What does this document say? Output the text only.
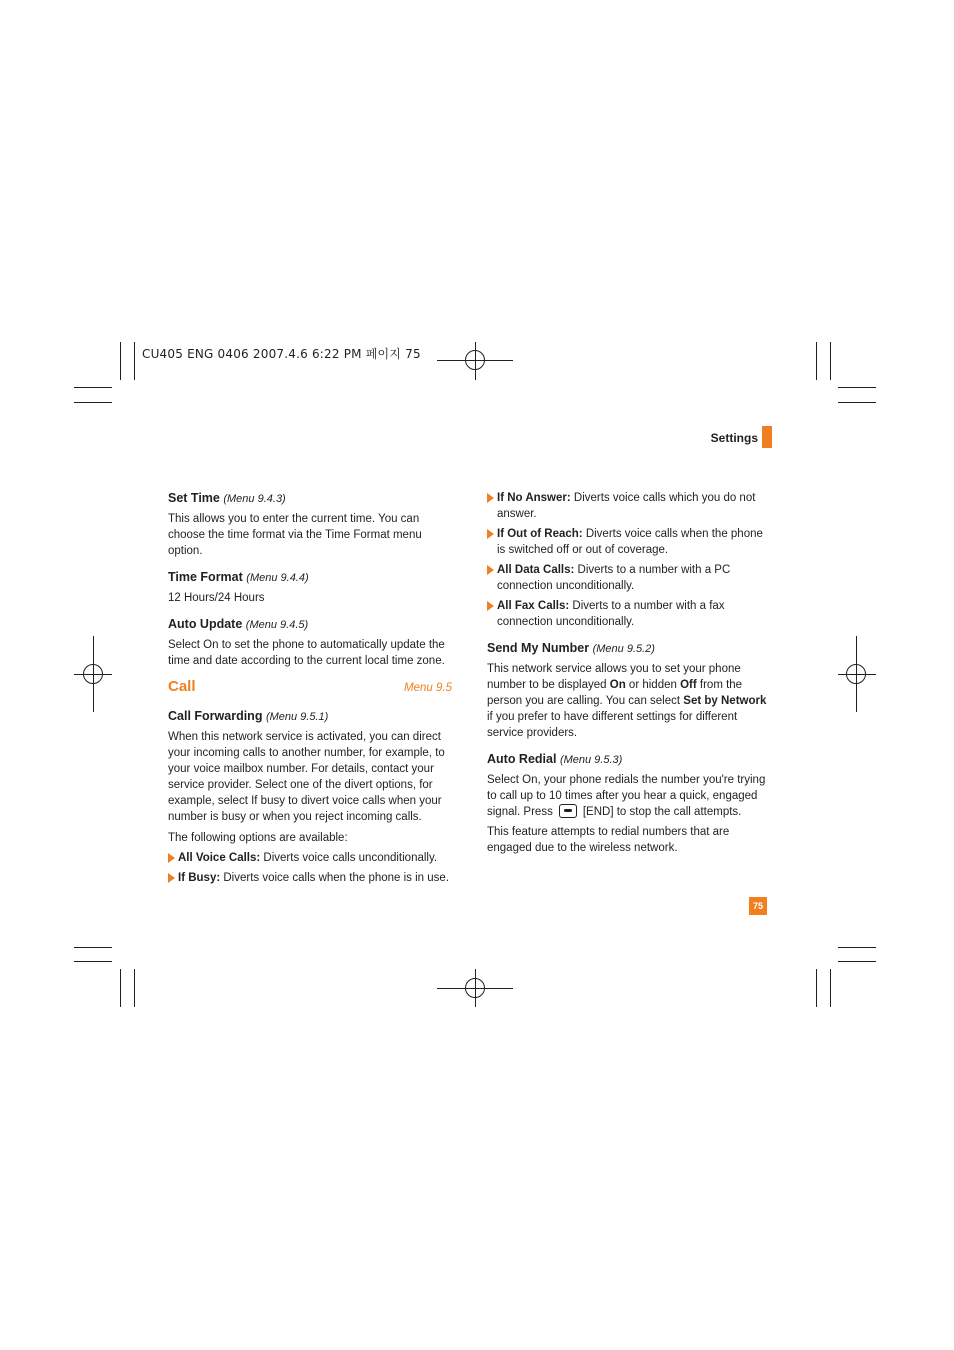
CU405 ENG 0406 2007.4.6 6:22 PM 페이지 75
Settings

Set Time (Menu 9.4.3)

This allows you to enter the current time. You can choose the time format via the Time Format menu option.

Time Format (Menu 9.4.4)

12 Hours/24 Hours

Auto Update (Menu 9.4.5)

Select On to set the phone to automatically update the time and date according to the current local time zone.

Call	Menu 9.5

Call Forwarding (Menu 9.5.1)

When this network service is activated, you can direct your incoming calls to another number, for example, to your voice mailbox number. For details, contact your service provider. Select one of the divert options, for example, select If busy to divert voice calls when your number is busy or when you reject incoming calls.

The following options are available:

All Voice Calls: Diverts voice calls unconditionally.
If Busy: Diverts voice calls when the phone is in use.
If No Answer: Diverts voice calls which you do not answer.
If Out of Reach: Diverts voice calls when the phone is switched off or out of coverage.
All Data Calls: Diverts to a number with a PC connection unconditionally.
All Fax Calls: Diverts to a number with a fax connection unconditionally.

Send My Number (Menu 9.5.2)

This network service allows you to set your phone number to be displayed On or hidden Off from the person you are calling. You can select Set by Network if you prefer to have different settings for different service providers.

Auto Redial (Menu 9.5.3)

Select On, your phone redials the number you're trying to call up to 10 times after you hear a quick, engaged signal. Press	[END] to stop the call attempts.

This feature attempts to redial numbers that are engaged due to the wireless network.

75
